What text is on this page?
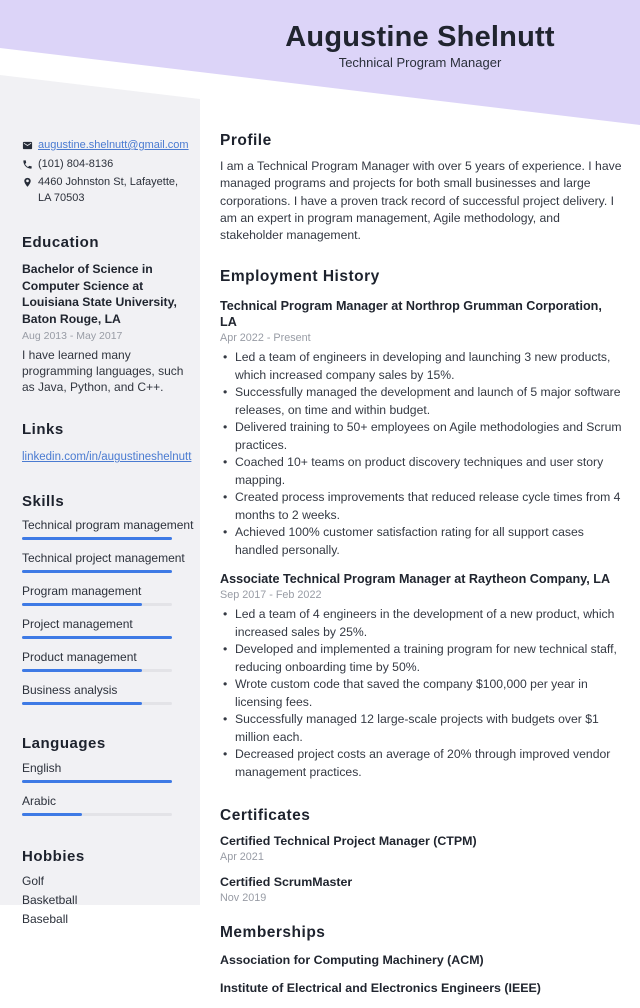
Augustine Shelnutt
Technical Program Manager
augustine.shelnutt@gmail.com
(101) 804-8136
4460 Johnston St, Lafayette,
LA 70503
Education
Bachelor of Science in Computer Science at Louisiana State University, Baton Rouge, LA
Aug 2013 - May 2017

I have learned many programming languages, such as Java, Python, and C++.

Links
linkedin.com/in/augustineshelnutt
Skills
Technical program management
Technical project management
Program management
Project management
Product management
Business analysis
Languages
English
Arabic
Hobbies
Golf
Basketball
Baseball
Profile

I am a Technical Program Manager with over 5 years of experience. I have managed programs and projects for both small businesses and large corporations. I have a proven track record of successful project delivery. I am an expert in program management, Agile methodology, and stakeholder management.

Employment History
Technical Program Manager at Northrop Grumman Corporation, LA
Apr 2022 - Present
• Led a team of engineers in developing and launching 3 new products, which increased company sales by 15%.
• Successfully managed the development and launch of 5 major software releases, on time and within budget.
• Delivered training to 50+ employees on Agile methodologies and Scrum practices.
• Coached 10+ teams on product discovery techniques and user story mapping.
• Created process improvements that reduced release cycle times from 4 months to 2 weeks.
• Achieved 100% customer satisfaction rating for all support cases handled personally.
Associate Technical Program Manager at Raytheon Company, LA
Sep 2017 - Feb 2022
• Led a team of 4 engineers in the development of a new product, which increased sales by 25%.
• Developed and implemented a training program for new technical staff, reducing onboarding time by 50%.
• Wrote custom code that saved the company $100,000 per year in licensing fees.
• Successfully managed 12 large-scale projects with budgets over $1 million each.
• Decreased project costs an average of 20% through improved vendor management practices.
Certificates
Certified Technical Project Manager (CTPM)
Apr 2021
Certified ScrumMaster
Nov 2019
Memberships
Association for Computing Machinery (ACM)
Institute of Electrical and Electronics Engineers (IEEE)
